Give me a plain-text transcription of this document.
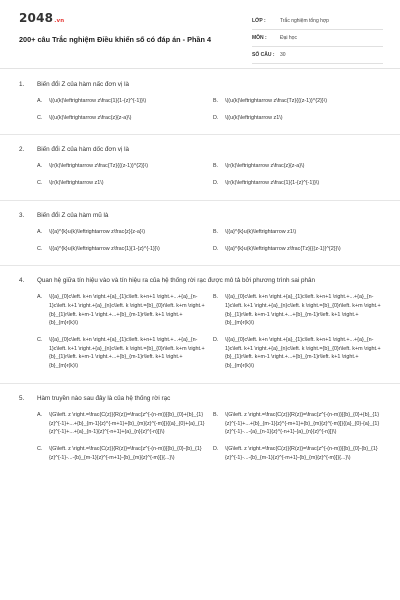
2048.vn
200+ câu Trắc nghiệm Điều khiển số có đáp án - Phần 4
LỚP :	Trắc nghiệm tổng hợp
MÔN :	Đại học
SỐ CÂU :	30
1.	Biến đổi Z của hàm nấc đơn vị là
A.	\((u(k)\leftrightarrow z\frac{1}{1-{z}^{-1}}\)	B.	\((u(k)\leftrightarrow z\frac{Tz}{{(z-1)}^{2}}\)
C.	\((u(k)\leftrightarrow z\frac{z}{z-a}\)	D.	\((u(k)\leftrightarrow z1\)
2.	Biến đổi Z của hàm dốc đơn vị là
A.	\(r(k)\leftrightarrow z\frac{Tz}{{(z-1)}^{2}}\)	B.	\(r(k)\leftrightarrow z\frac{z}{z-a}\)
C.	\(r(k)\leftrightarrow z1\)	D.	\(r(k)\leftrightarrow z\frac{1}{1-{z}^{-1}}\)
3.	Biến đổi Z của hàm mũ là
A.	\({a}^{k}u(k)\leftrightarrow z\frac{z}{z-a}\)	B.	\({a}^{k}u(k)\leftrightarrow z1\)
C.	\({a}^{k}u(k)\leftrightarrow z\frac{1}{1-{z}^{-1}}\)	D.	\({a}^{k}u(k)\leftrightarrow z\frac{Tz}{{(z-1)}^{2}}\)
4.	Quan hệ giữa tín hiệu vào và tín hiệu ra của hệ thống rời rạc được mô tả bởi phương trình sai phân
A.	\({a}_{0}c\left. k+n \right.+{a}_{1}c\left. k+n+1 \right.+...+{a}_{n-1}c\left. k+1 \right.+{a}_{n}c\left. k \right.={b}_{0}r\left. k+m \right.+{b}_{1}r\left. k+m-1 \right.+...+{b}_{m-1}r\left. k+1 \right.+{b}_{m}r(k)\)
B.	\({a}_{0}c\left. k+n \right.+{a}_{1}c\left. k+n+1 \right.+...+{a}_{n-1}c\left. k+1 \right.+{a}_{n}c\left. k \right.={b}_{0}r\left. k+m \right.+{b}_{1}r\left. k+m-1 \right.+...+{b}_{m-1}r\left. k+1 \right.+{b}_{m}r(k)\)
C.	\({a}_{0}c\left. k+n \right.+{a}_{1}c\left. k+n+1 \right.+...+{a}_{n-1}c\left. k+1 \right.+{a}_{n}c\left. k \right.={b}_{0}r\left. k+m \right.+{b}_{1}r\left. k+m-1 \right.+...+{b}_{m-1}r\left. k+1 \right.+{b}_{m}r(k)\)
D.	\({a}_{0}c\left. k+n \right.+{a}_{1}c\left. k+n+1 \right.+...+{a}_{n-1}c\left. k+1 \right.+{a}_{n}c\left. k \right.={b}_{0}r\left. k+m \right.+{b}_{1}r\left. k+m-1 \right.+...+{b}_{m-1}r\left. k+1 \right.+{b}_{m}r(k)\)
5.	Hàm truyền nào sau đây là của hệ thống rời rạc
A.	\(G\left. z \right.=\frac{C(z)}{R(z)}=\frac{z^{-(n-m)}[{b}_{0}+{b}_{1}{z}^{-1}+...+{b}_{m-1}{z}^{-m+1}+{b}_{m}{z}^{-m}]}{{a}_{0}+{a}_{1}{z}^{-1}+...+{a}_{n-1}{z}^{-n+1}+{a}_{n}{z}^{-n}]}\)
B.	\(G\left. z \right.=\frac{C(z)}{R(z)}=\frac{z^{-(n-m)}[{b}_{0}+{b}_{1}{z}^{-1}+...+{b}_{m-1}{z}^{-m+1}+{b}_{m}{z}^{-m}]}{{a}_{0}-{a}_{1}{z}^{-1}-...-{a}_{n-1}{z}^{-n+1}-{a}_{n}{z}^{-n}]}\)
C.	\(G\left. z \right.=\frac{C(z)}{R(z)}=\frac{z^{-(n-m)}[{b}_{0}-{b}_{1}{z}^{-1}-...-{b}_{m-1}{z}^{-m+1}-{b}_{m}{z}^{-m}]}{...}\)
D.	\(G\left. z \right.=\frac{C(z)}{R(z)}=\frac{z^{-(n-m)}[{b}_{0}-{b}_{1}{z}^{-1}-...-{b}_{m-1}{z}^{-m+1}-{b}_{m}{z}^{-m}]}{...}\)
